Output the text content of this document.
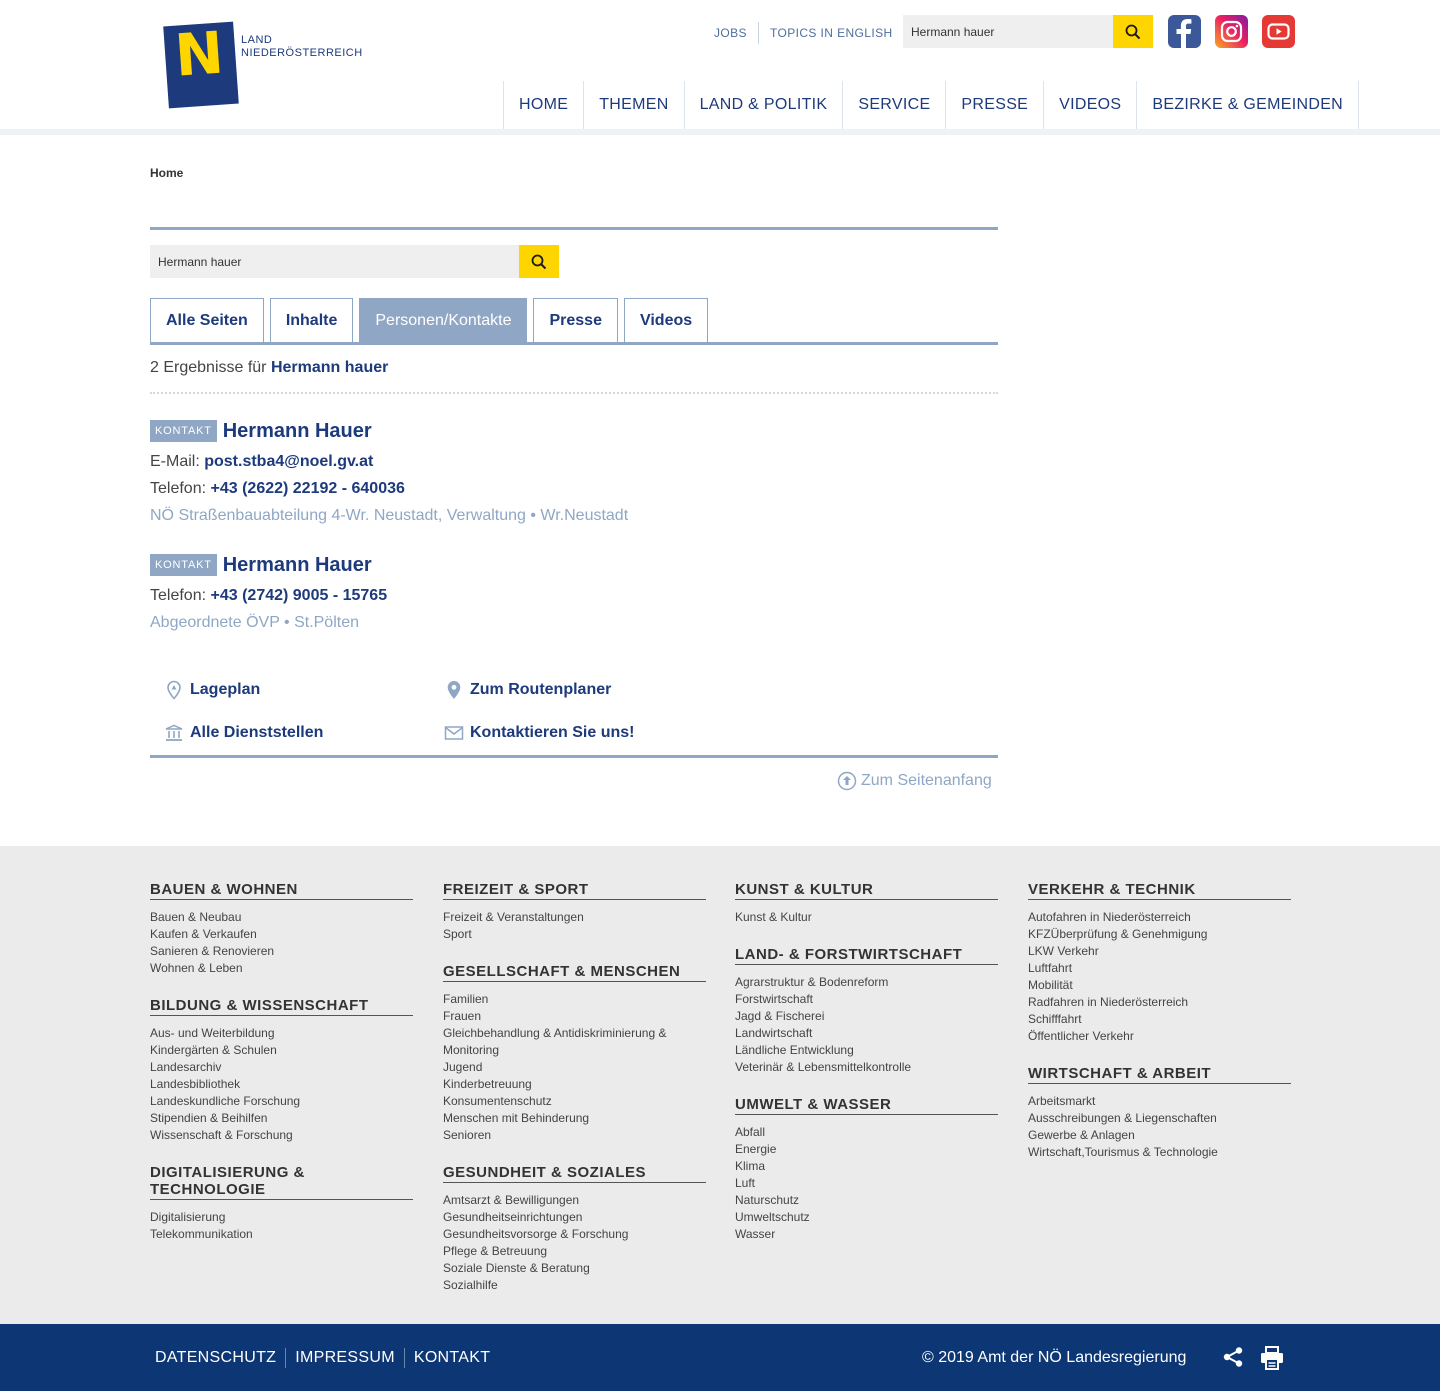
N	LAND
NIEDERÖSTERREICH
JOBS	TOPICS IN ENGLISH
Hermann hauer
HOME	THEMEN	LAND & POLITIK	SERVICE	PRESSE	VIDEOS	BEZIRKE & GEMEINDEN
Home
Hermann hauer
Alle Seiten	Inhalte	Personen/Kontakte	Presse	Videos
2 Ergebnisse für Hermann hauer
KONTAKT Hermann Hauer
E-Mail: post.stba4@noel.gv.at
Telefon: +43 (2622) 22192 - 640036
NÖ Straßenbauabteilung 4-Wr. Neustadt, Verwaltung • Wr.Neustadt
KONTAKT Hermann Hauer
Telefon: +43 (2742) 9005 - 15765
Abgeordnete ÖVP • St.Pölten
Lageplan	Zum Routenplaner
Alle Dienststellen	Kontaktieren Sie uns!
Zum Seitenanfang
BAUEN & WOHNEN
Bauen & Neubau
Kaufen & Verkaufen
Sanieren & Renovieren
Wohnen & Leben
BILDUNG & WISSENSCHAFT
Aus- und Weiterbildung
Kindergärten & Schulen
Landesarchiv
Landesbibliothek
Landeskundliche Forschung
Stipendien & Beihilfen
Wissenschaft & Forschung
DIGITALISIERUNG & TECHNOLOGIE
Digitalisierung
Telekommunikation
FREIZEIT & SPORT
Freizeit & Veranstaltungen
Sport
GESELLSCHAFT & MENSCHEN
Familien
Frauen
Gleichbehandlung & Antidiskriminierung & Monitoring
Jugend
Kinderbetreuung
Konsumentenschutz
Menschen mit Behinderung
Senioren
GESUNDHEIT & SOZIALES
Amtsarzt & Bewilligungen
Gesundheitseinrichtungen
Gesundheitsvorsorge & Forschung
Pflege & Betreuung
Soziale Dienste & Beratung
Sozialhilfe
KUNST & KULTUR
Kunst & Kultur
LAND- & FORSTWIRTSCHAFT
Agrarstruktur & Bodenreform
Forstwirtschaft
Jagd & Fischerei
Landwirtschaft
Ländliche Entwicklung
Veterinär & Lebensmittelkontrolle
UMWELT & WASSER
Abfall
Energie
Klima
Luft
Naturschutz
Umweltschutz
Wasser
VERKEHR & TECHNIK
Autofahren in Niederösterreich
KFZÜberprüfung & Genehmigung
LKW Verkehr
Luftfahrt
Mobilität
Radfahren in Niederösterreich
Schifffahrt
Öffentlicher Verkehr
WIRTSCHAFT & ARBEIT
Arbeitsmarkt
Ausschreibungen & Liegenschaften
Gewerbe & Anlagen
Wirtschaft,Tourismus & Technologie
DATENSCHUTZ	IMPRESSUM	KONTAKT	© 2019 Amt der NÖ Landesregierung
